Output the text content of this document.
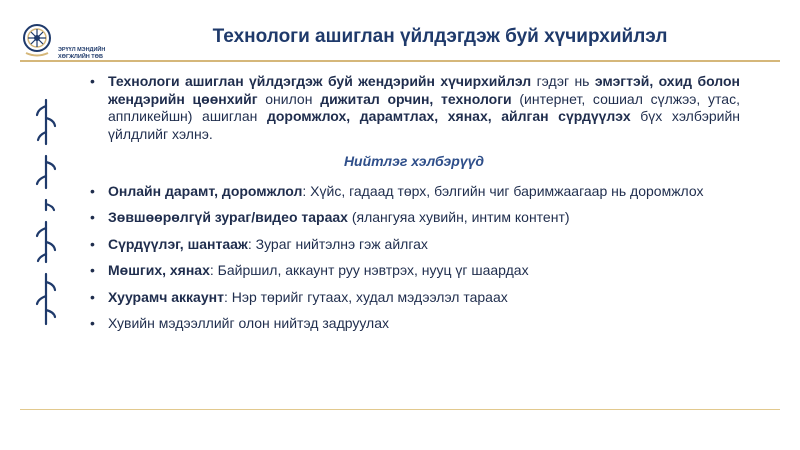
ЭРҮҮЛ МЭНДИЙН
ХӨГЖЛИЙН ТӨВ
Технологи ашиглан үйлдэгдэж буй хүчирхийлэл
• Технологи ашиглан үйлдэгдэж буй жендэрийн хүчирхийлэл гэдэг нь эмэгтэй, охид болон жендэрийн цөөнхийг онилон дижитал орчин, технологи (интернет, сошиал сүлжээ, утас, аппликейшн) ашиглан доромжлох, дарамтлах, хянах, айлган сүрдүүлэх бүх хэлбэрийн үйлдлийг хэлнэ.
Нийтлэг хэлбэрүүд
• Онлайн дарамт, доромжлол: Хүйс, гадаад төрх, бэлгийн чиг баримжаагаар нь доромжлох
• Зөвшөөрөлгүй зураг/видео тараах (ялангуяа хувийн, интим контент)
• Сүрдүүлэг, шантааж: Зураг нийтэлнэ гэж айлгах
• Мөшгих, хянах: Байршил, аккаунт руу нэвтрэх, нууц үг шаардах
• Хуурамч аккаунт: Нэр төрийг гутаах, худал мэдээлэл тараах
• Хувийн мэдээллийг олон нийтэд задруулах
